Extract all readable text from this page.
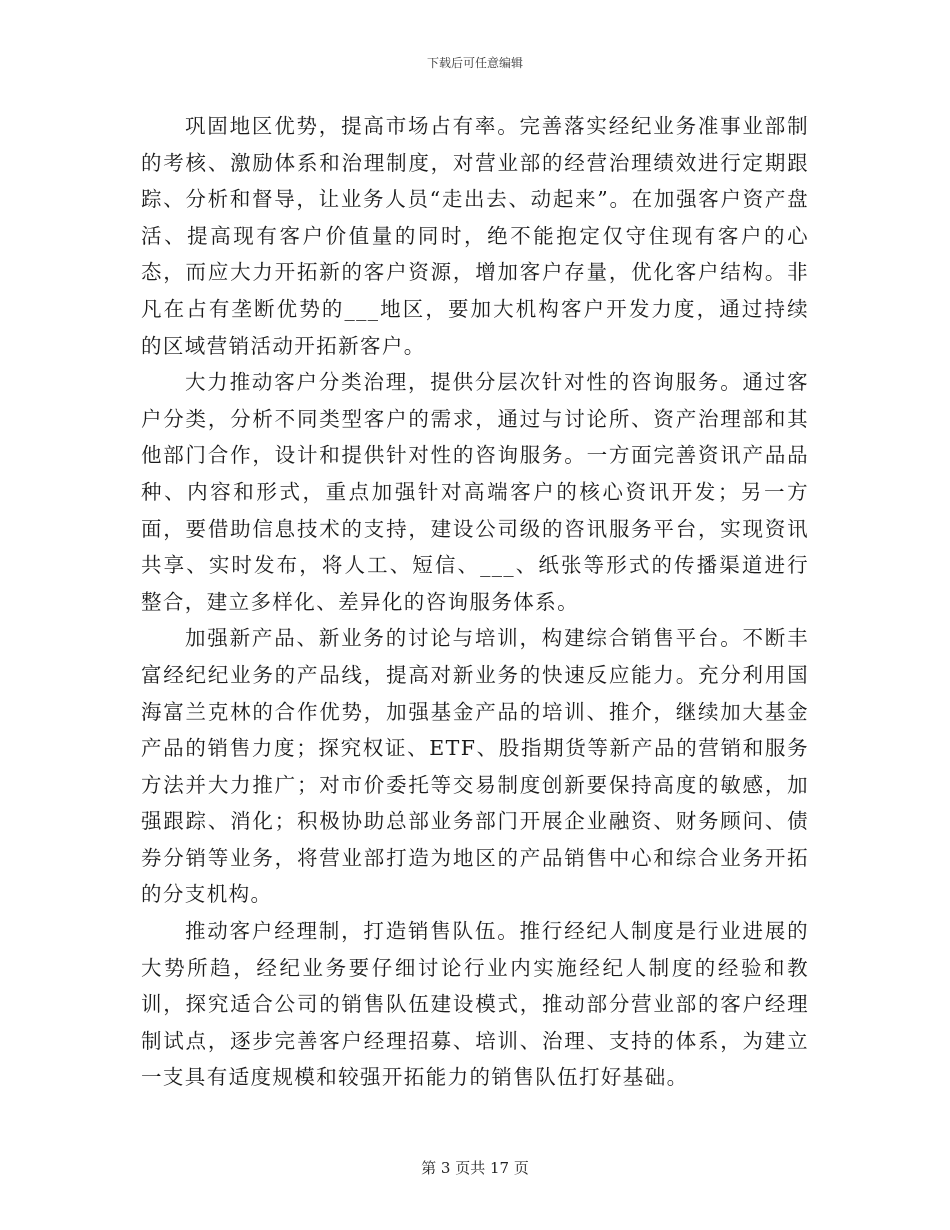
下载后可任意编辑

巩固地区优势，提高市场占有率。完善落实经纪业务准事业部制的考核、激励体系和治理制度，对营业部的经营治理绩效进行定期跟踪、分析和督导，让业务人员“走出去、动起来”。在加强客户资产盘活、提高现有客户价值量的同时，绝不能抱定仅守住现有客户的心态，而应大力开拓新的客户资源，增加客户存量，优化客户结构。非凡在占有垄断优势的___地区，要加大机构客户开发力度，通过持续的区域营销活动开拓新客户。

大力推动客户分类治理，提供分层次针对性的咨询服务。通过客户分类，分析不同类型客户的需求，通过与讨论所、资产治理部和其他部门合作，设计和提供针对性的咨询服务。一方面完善资讯产品品种、内容和形式，重点加强针对高端客户的核心资讯开发；另一方面，要借助信息技术的支持，建设公司级的咨讯服务平台，实现资讯共享、实时发布，将人工、短信、___、纸张等形式的传播渠道进行整合，建立多样化、差异化的咨询服务体系。

加强新产品、新业务的讨论与培训，构建综合销售平台。不断丰富经纪纪业务的产品线，提高对新业务的快速反应能力。充分利用国海富兰克林的合作优势，加强基金产品的培训、推介，继续加大基金产品的销售力度；探究权证、ETF、股指期货等新产品的营销和服务方法并大力推广；对市价委托等交易制度创新要保持高度的敏感，加强跟踪、消化；积极协助总部业务部门开展企业融资、财务顾问、债券分销等业务，将营业部打造为地区的产品销售中心和综合业务开拓的分支机构。

推动客户经理制，打造销售队伍。推行经纪人制度是行业进展的大势所趋，经纪业务要仔细讨论行业内实施经纪人制度的经验和教训，探究适合公司的销售队伍建设模式，推动部分营业部的客户经理制试点，逐步完善客户经理招募、培训、治理、支持的体系，为建立一支具有适度规模和较强开拓能力的销售队伍打好基础。

第 3 页共 17 页
